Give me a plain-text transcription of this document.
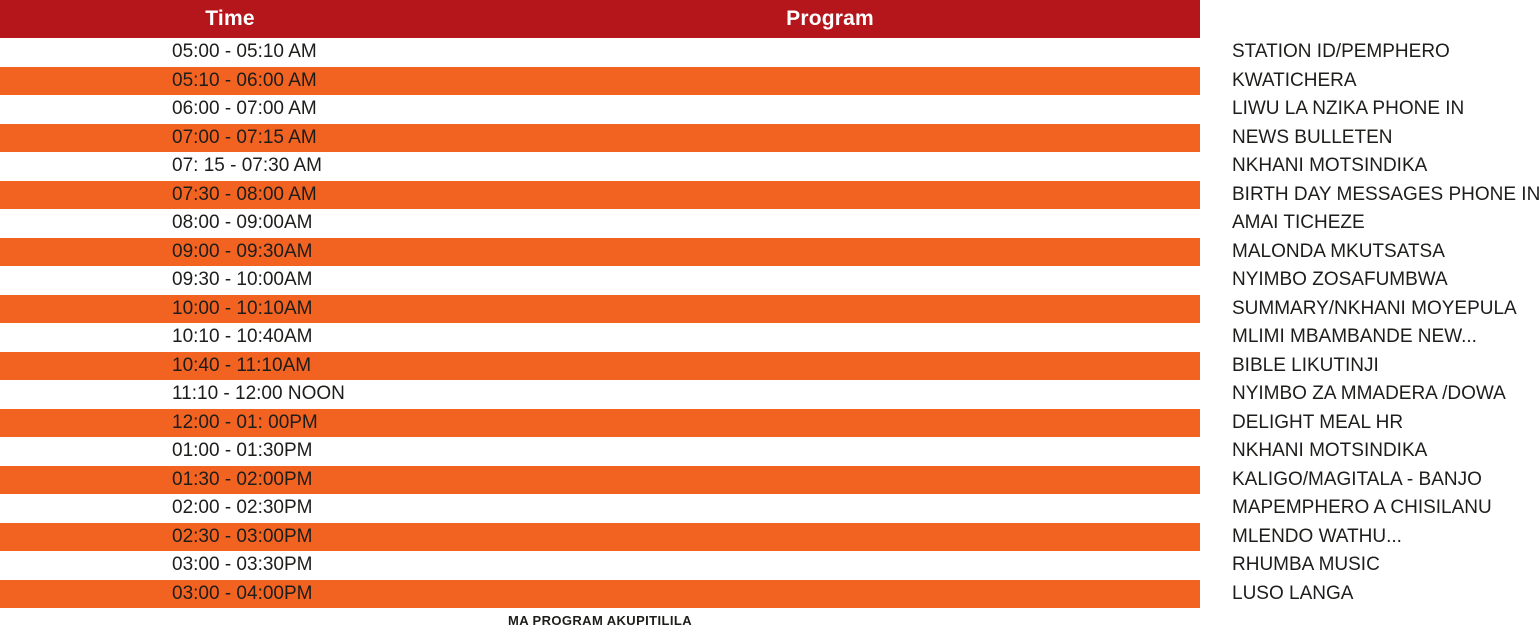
Time	Program
05:00 - 05:10 AM	STATION ID/PEMPHERO
05:10 - 06:00 AM	KWATICHERA
06:00 - 07:00 AM	LIWU LA NZIKA PHONE IN
07:00 - 07:15 AM	NEWS BULLETEN
07: 15 - 07:30 AM	NKHANI MOTSINDIKA
07:30 - 08:00 AM	BIRTH DAY MESSAGES PHONE IN
08:00 - 09:00AM	AMAI TICHEZE
09:00 - 09:30AM	MALONDA MKUTSATSA
09:30 - 10:00AM	NYIMBO ZOSAFUMBWA
10:00 - 10:10AM	SUMMARY/NKHANI MOYEPULA
10:10 - 10:40AM	MLIMI MBAMBANDE NEW...
10:40 - 11:10AM	BIBLE LIKUTINJI
11:10 - 12:00 NOON	NYIMBO ZA MMADERA /DOWA
12:00 - 01: 00PM	DELIGHT MEAL HR
01:00 - 01:30PM	NKHANI MOTSINDIKA
01:30 - 02:00PM	KALIGO/MAGITALA - BANJO
02:00 - 02:30PM	MAPEMPHERO A CHISILANU
02:30 - 03:00PM	MLENDO WATHU...
03:00 - 03:30PM	RHUMBA MUSIC
03:00 - 04:00PM	LUSO LANGA
MA PROGRAM AKUPITILILA
